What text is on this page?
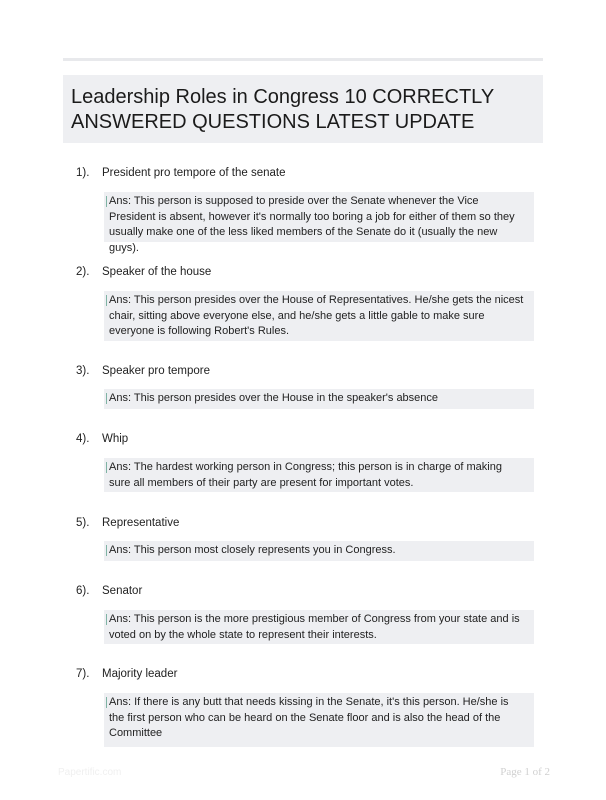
Leadership Roles in Congress 10 CORRECTLY ANSWERED QUESTIONS LATEST UPDATE
1). President pro tempore of the senate
Ans: This person is supposed to preside over the Senate whenever the Vice President is absent, however it's normally too boring a job for either of them so they usually make one of the less liked members of the Senate do it (usually the new guys).
2). Speaker of the house
Ans: This person presides over the House of Representatives. He/she gets the nicest chair, sitting above everyone else, and he/she gets a little gable to make sure everyone is following Robert's Rules.
3). Speaker pro tempore
Ans: This person presides over the House in the speaker's absence
4). Whip
Ans: The hardest working person in Congress; this person is in charge of making sure all members of their party are present for important votes.
5). Representative
Ans: This person most closely represents you in Congress.
6). Senator
Ans: This person is the more prestigious member of Congress from your state and is voted on by the whole state to represent their interests.
7). Majority leader
Ans: If there is any butt that needs kissing in the Senate, it's this person. He/she is the first person who can be heard on the Senate floor and is also the head of the Committee
Papertific.com	Page 1 of 2
